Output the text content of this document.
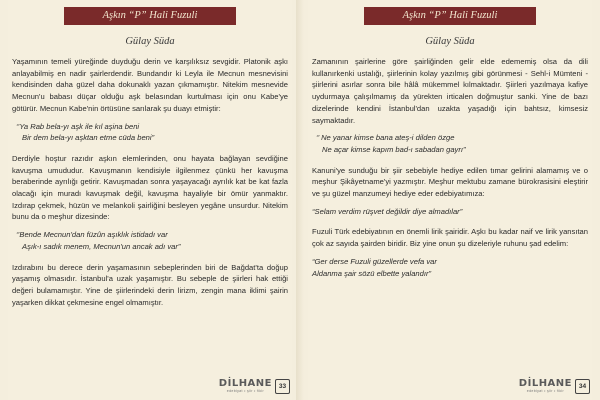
Aşkın “P” Hali Fuzuli
Gülay Süda

Yaşamının temeli yüreğinde duyduğu derin ve karşılıksız sevgidir. Platonik aşkı anlayabilmiş en nadir şairlerdendir. Bundandır ki Leyla ile Mecnun mesnevisini kendisinden daha güzel daha dokunaklı yazan çıkmamıştır. Nitekim mesnevide Mecnun'u babası düçar olduğu aşk belasından kurtulması için onu Kabe'ye götürür. Mecnun Kabe'nin örtüsüne sarılarak şu duayı etmiştir:

‘’Ya Rab bela-yı aşk ile kıl aşina beni
Bir dem bela-yı aşktan etme cüda beni”

Derdiyle hoştur razıdır aşkın elemlerinden, onu hayata bağlayan sevdiğine kavuşma umududur. Kavuşmanın kendisiyle ilgilenmez çünkü her kavuşma beraberinde ayrılığı getirir. Kavuşmadan sonra yaşayacağı ayrılık kat be kat fazla olacağı için muradı kavuşmak değil, kavuşma hayaliyle bir ömür yanmaktır. Izdırap çekmek, hüzün ve melankoli şairliğini besleyen yegâne unsurdur. Nitekim bunu da o meşhur dizesinde:

‘’Bende Mecnun'dan füzûn aşıklık istidadı var
Aşık-ı sadık menem, Mecnun'un ancak adı var”

Izdırabını bu derece derin yaşamasının sebeplerinden biri de Bağdat'ta doğup yaşamış olmasıdır. İstanbul'a uzak yaşamıştır. Bu sebeple de şiirleri hak ettiği değeri bulamamıştır. Yine de şiirlerindeki derin lirizm, zengin mana iklimi şairin yaşarken dikkat çekmesine engel olmamıştır.

DİLHANE
edebiyat • şiir • fikir
33
Aşkın “P” Hali Fuzuli
Gülay Süda

Zamanının şairlerine göre şairliğinden gelir elde edememiş olsa da dili kullanırkenki ustalığı, şiirlerinin kolay yazılmış gibi görünmesi - Sehl-i Mümteni - şiirlerini asırlar sonra bile hâlâ mükemmel kılmaktadır. Şiirleri yazılmaya kafiye uydurmaya çalışılmamış da yürekten irticalen doğmuştur sanki. Yine de bazı dizelerinde kendini İstanbul'dan uzakta yaşadığı için bahtsız, kimsesiz saymaktadır.

‘’ Ne yanar kimse bana ateş-i dilden özge
Ne açar kimse kapım bad-ı sabadan gayrı”

Kanuni'ye sunduğu bir şiir sebebiyle hediye edilen tımar gelirini alamamış ve o meşhur Şikâyetname'yi yazmıştır. Meşhur mektubu zamane bürokrasisini eleştirir ve şu güzel manzumeyi hediye eder edebiyatımıza:

“Selam verdim rüşvet değildir diye almadılar”

Fuzuli Türk edebiyatının en önemli lirik şairidir. Aşkı bu kadar naif ve lirik yansıtan çok az sayıda şairden biridir. Biz yine onun şu dizeleriyle ruhunu şad edelim:

“Ger derse Fuzuli güzellerde vefa var
Aldanma şair sözü elbette yalandır”
DİLHANE
edebiyat • şiir • fikir
34
